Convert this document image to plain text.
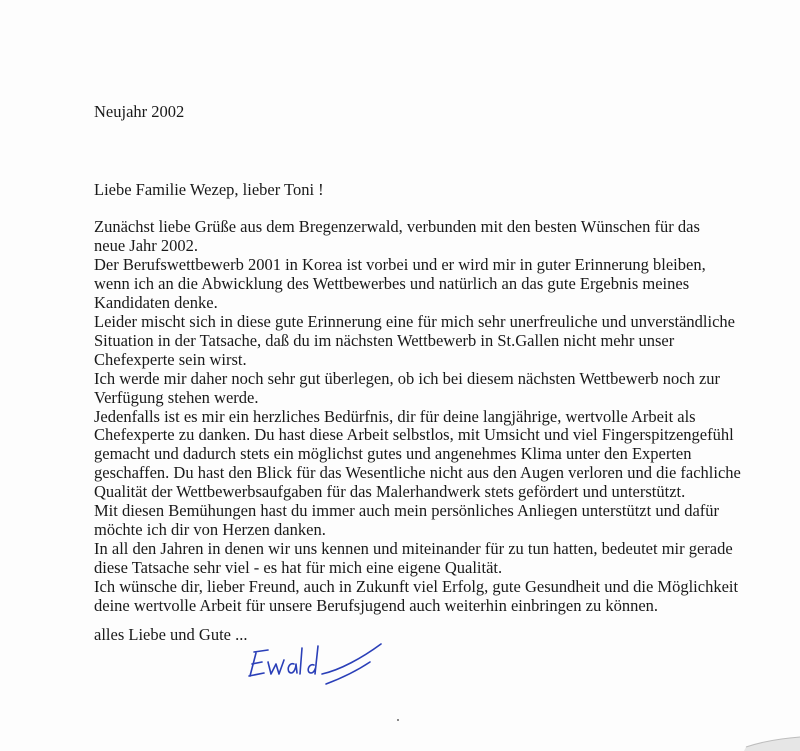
Neujahr 2002
Liebe Familie Wezep, lieber Toni !
Zunächst liebe Grüße aus dem Bregenzerwald, verbunden mit den besten Wünschen für das
neue Jahr 2002.
Der Berufswettbewerb 2001 in Korea ist vorbei und er wird mir in guter Erinnerung bleiben,
wenn ich an die Abwicklung des Wettbewerbes und natürlich an das gute Ergebnis meines
Kandidaten denke.
Leider mischt sich in diese gute Erinnerung eine für mich sehr unerfreuliche und unverständliche
Situation in der Tatsache, daß du im nächsten Wettbewerb in St.Gallen nicht mehr unser
Chefexperte sein wirst.
Ich werde mir daher noch sehr gut überlegen, ob ich bei diesem nächsten Wettbewerb noch zur
Verfügung stehen werde.
Jedenfalls ist es mir ein herzliches Bedürfnis, dir für deine langjährige, wertvolle Arbeit als
Chefexperte zu danken. Du hast diese Arbeit selbstlos, mit Umsicht und viel Fingerspitzengefühl
gemacht und dadurch stets ein möglichst gutes und angenehmes Klima unter den Experten
geschaffen. Du hast den Blick für das Wesentliche nicht aus den Augen verloren und die fachliche
Qualität der Wettbewerbsaufgaben für das Malerhandwerk stets gefördert und unterstützt.
Mit diesen Bemühungen hast du immer auch mein persönliches Anliegen unterstützt und dafür
möchte ich dir von Herzen danken.
In all den Jahren in denen wir uns kennen und miteinander für zu tun hatten, bedeutet mir gerade
diese Tatsache sehr viel - es hat für mich eine eigene Qualität.
Ich wünsche dir, lieber Freund, auch in Zukunft viel Erfolg, gute Gesundheit und die Möglichkeit
deine wertvolle Arbeit für unsere Berufsjugend auch weiterhin einbringen zu können.
alles Liebe und Gute ...
